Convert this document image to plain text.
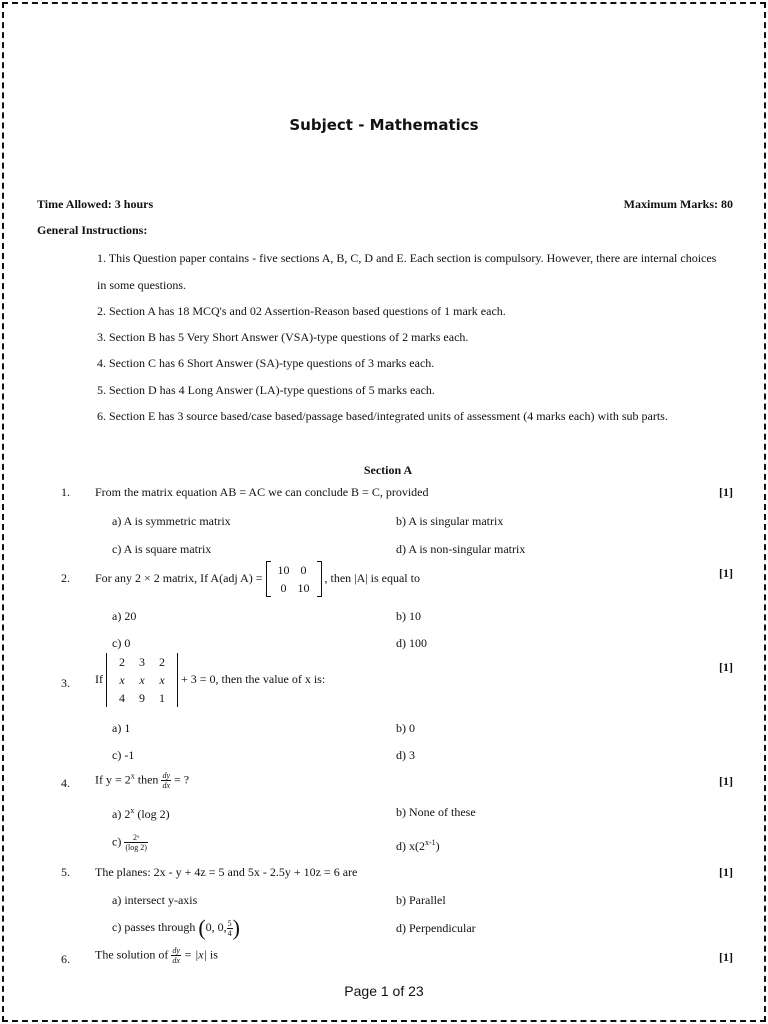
Subject - Mathematics
Time Allowed: 3 hours	Maximum Marks: 80
General Instructions:
1. This Question paper contains - five sections A, B, C, D and E. Each section is compulsory. However, there are internal choices in some questions.
2. Section A has 18 MCQ's and 02 Assertion-Reason based questions of 1 mark each.
3. Section B has 5 Very Short Answer (VSA)-type questions of 2 marks each.
4. Section C has 6 Short Answer (SA)-type questions of 3 marks each.
5. Section D has 4 Long Answer (LA)-type questions of 5 marks each.
6. Section E has 3 source based/case based/passage based/integrated units of assessment (4 marks each) with sub parts.
Section A
1. From the matrix equation AB = AC we can conclude B = C, provided	[1]
a) A is symmetric matrix	b) A is singular matrix
c) A is square matrix	d) A is non-singular matrix
2. For any 2 × 2 matrix, If A(adj A) =
10 0
0 10
, then |A| is equal to	[1]
a) 20	b) 10
c) 0	d) 100
3. If
2	3	2
x	x	x
4	9	1
+ 3 = 0, then the value of x is:
[1]
a) 1	b) 0
c) -1	d) 3
4. If $y = 2^x$ then $\frac{dy}{dx}$ = ?	[1]
a) 2$^x$ (log 2)	b) None of these
$c) \frac{\text{2ˣ}}{(\log 2)}$	d) x(2$^{x-1}$)
5. The planes: 2x - y + 4z = 5 and 5x - 2.5y + 10z = 6 are	[1]
a) intersect y-axis	b) Parallel
c) passes through (0, 0, $\frac{5}{4}$ )	d) Perpendicular
6. The solution of $\frac{dy}{dx} = |x|$ is	[1]
Page 1 of 23
